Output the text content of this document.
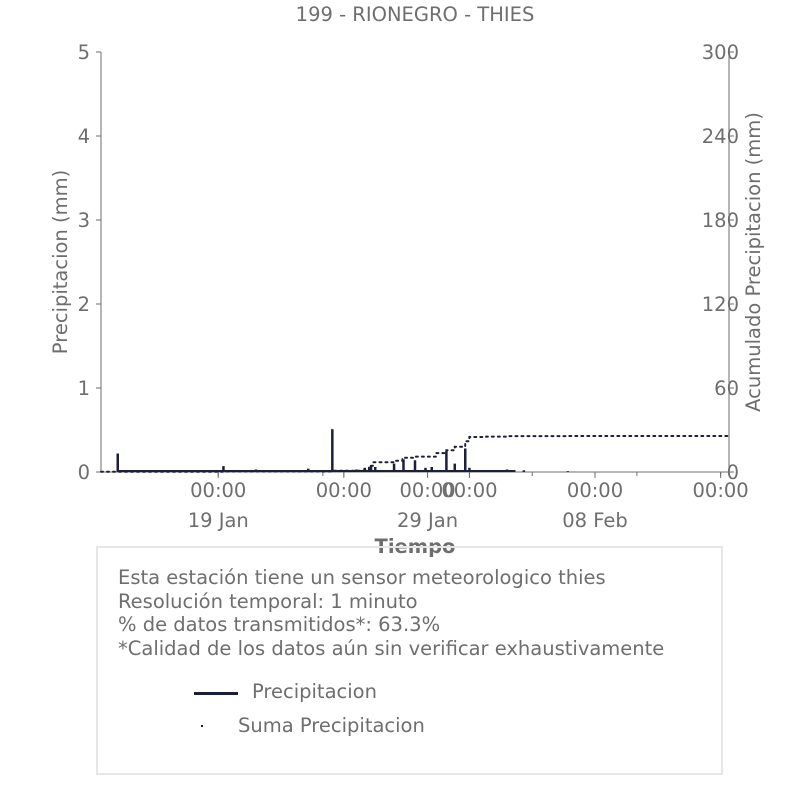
199 - RIONEGRO - THIES
0
1
2
3
4
5
0
60
120
180
240
300
00:00
19 Jan
00:00 00:00
29 Jan
00:00	00:00
08 Feb
00:00
Precipitacion (mm)	Acumulado Precipitacion (mm)
Tiempo
Esta estación tiene un sensor meteorologico thies
Resolución temporal: 1 minuto
% de datos transmitidos*: 63.3%
*Calidad de los datos aún sin verificar exhaustivamente
Precipitacion
Suma Precipitacion
